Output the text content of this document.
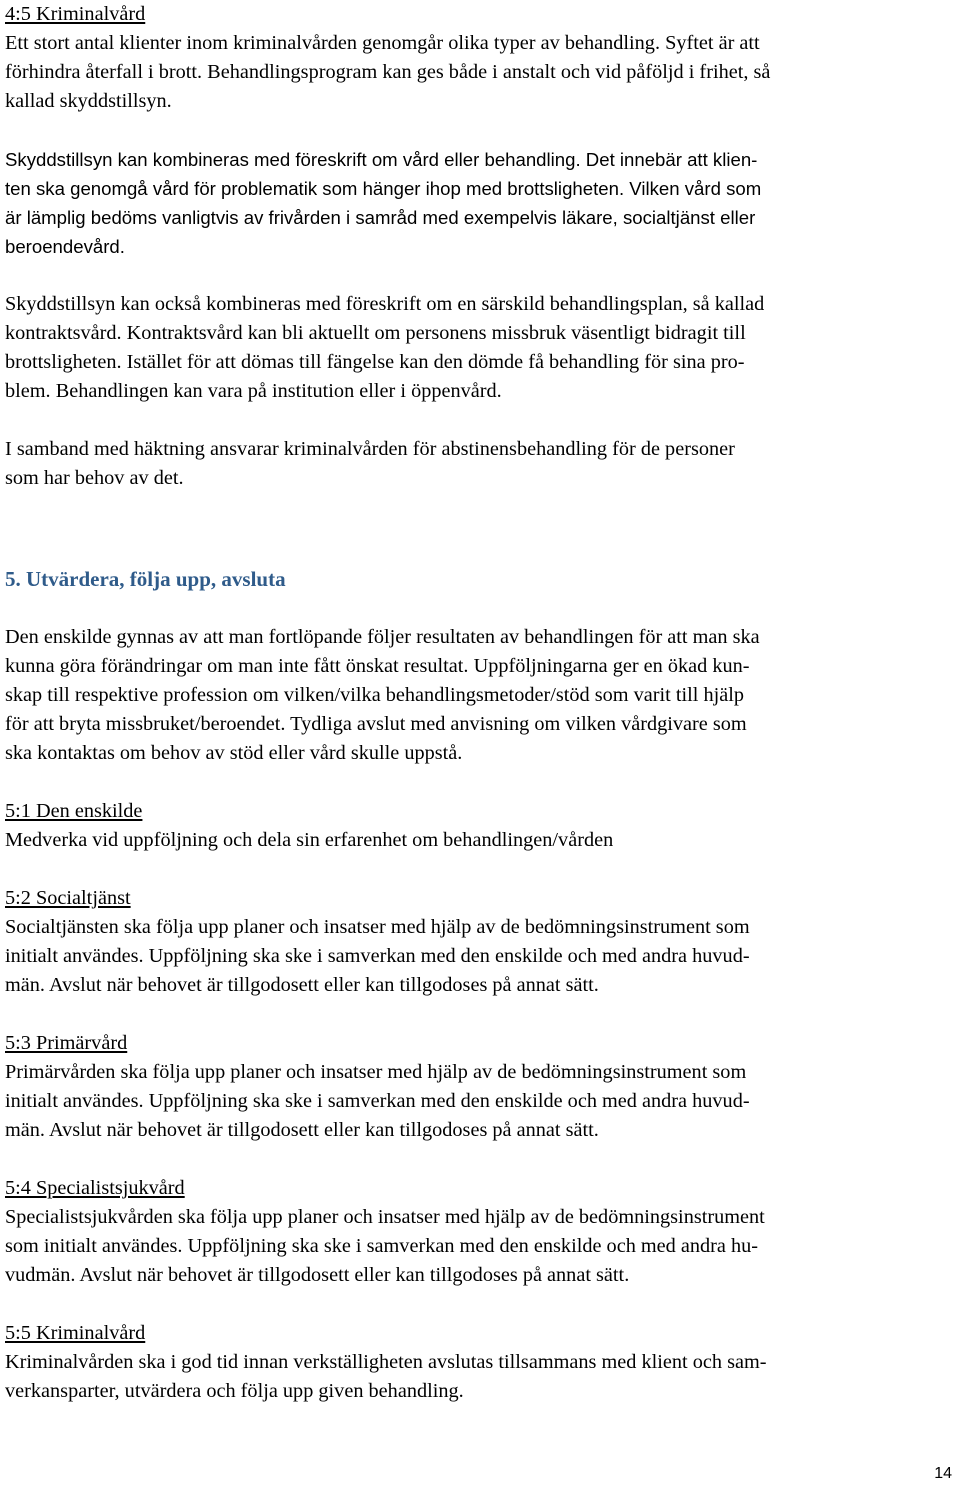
4:5 Kriminalvård
Ett stort antal klienter inom kriminalvården genomgår olika typer av behandling. Syftet är att
förhindra återfall i brott. Behandlingsprogram kan ges både i anstalt och vid påföljd i frihet, så
kallad skyddstillsyn.
Skyddstillsyn kan kombineras med föreskrift om vård eller behandling. Det innebär att klien-
ten ska genomgå vård för problematik som hänger ihop med brottsligheten. Vilken vård som
är lämplig bedöms vanligtvis av frivården i samråd med exempelvis läkare, socialtjänst eller
beroendevård.
Skyddstillsyn kan också kombineras med föreskrift om en särskild behandlingsplan, så kallad
kontraktsvård. Kontraktsvård kan bli aktuellt om personens missbruk väsentligt bidragit till
brottsligheten. Istället för att dömas till fängelse kan den dömde få behandling för sina pro-
blem. Behandlingen kan vara på institution eller i öppenvård.
I samband med häktning ansvarar kriminalvården för abstinensbehandling för de personer
som har behov av det.
5. Utvärdera, följa upp, avsluta
Den enskilde gynnas av att man fortlöpande följer resultaten av behandlingen för att man ska
kunna göra förändringar om man inte fått önskat resultat. Uppföljningarna ger en ökad kun-
skap till respektive profession om vilken/vilka behandlingsmetoder/stöd som varit till hjälp
för att bryta missbruket/beroendet. Tydliga avslut med anvisning om vilken vårdgivare som
ska kontaktas om behov av stöd eller vård skulle uppstå.
5:1 Den enskilde
Medverka vid uppföljning och dela sin erfarenhet om behandlingen/vården
5:2 Socialtjänst
Socialtjänsten ska följa upp planer och insatser med hjälp av de bedömningsinstrument som
initialt användes. Uppföljning ska ske i samverkan med den enskilde och med andra huvud-
män. Avslut när behovet är tillgodosett eller kan tillgodoses på annat sätt.
5:3 Primärvård
Primärvården ska följa upp planer och insatser med hjälp av de bedömningsinstrument som
initialt användes. Uppföljning ska ske i samverkan med den enskilde och med andra huvud-
män. Avslut när behovet är tillgodosett eller kan tillgodoses på annat sätt.
5:4 Specialistsjukvård
Specialistsjukvården ska följa upp planer och insatser med hjälp av de bedömningsinstrument
som initialt användes. Uppföljning ska ske i samverkan med den enskilde och med andra hu-
vudmän. Avslut när behovet är tillgodosett eller kan tillgodoses på annat sätt.
5:5 Kriminalvård
Kriminalvården ska i god tid innan verkställigheten avslutas tillsammans med klient och sam-
verkansparter, utvärdera och följa upp given behandling.
14
